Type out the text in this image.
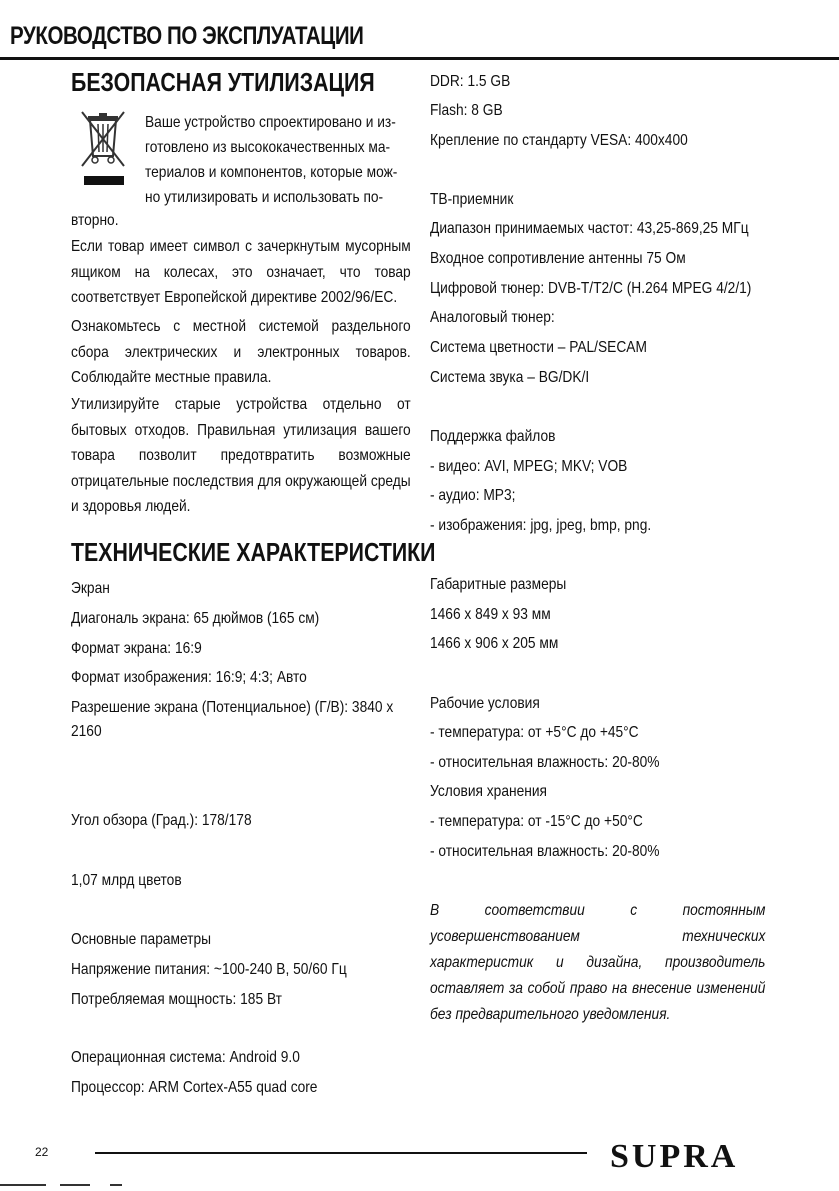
РУКОВОДСТВО ПО ЭКСПЛУАТАЦИИ
БЕЗОПАСНАЯ УТИЛИЗАЦИЯ
Ваше устройство спроектировано и из-
готовлено из высококачественных ма-
териалов и компонентов, которые мож-
но утилизировать и использовать по-
вторно.
Если товар имеет символ с зачеркнутым мусорным ящиком на колесах, это означает, что товар соответствует Европейской директиве 2002/96/ЕС.
Ознакомьтесь с местной системой раздельного сбора электрических и электронных товаров. Соблюдайте местные правила.
Утилизируйте старые устройства отдельно от бытовых отходов. Правильная утилизация вашего товара позволит предотвратить возможные отрицательные последствия для окружающей среды и здоровья людей.
ТЕХНИЧЕСКИЕ ХАРАКТЕРИСТИКИ
Экран
Диагональ экрана: 65 дюймов (165 см)
Формат экрана: 16:9
Формат изображения: 16:9; 4:3; Авто
Разрешение экрана (Потенциальное) (Г/В): 3840 х
2160
Угол обзора (Град.): 178/178
1,07 млрд цветов
Основные параметры
Напряжение питания: ~100-240 В, 50/60 Гц
Потребляемая мощность: 185 Вт
Операционная система: Android 9.0
Процессор: ARM Cortex-A55 quad core
DDR: 1.5 GB
Flash: 8 GB
Крепление по стандарту VESA: 400x400
ТВ-приемник
Диапазон принимаемых частот: 43,25-869,25 МГц
Входное сопротивление антенны 75 Ом
Цифровой тюнер: DVB-T/T2/C (H.264 MPEG 4/2/1)
Аналоговый тюнер:
Система цветности – PAL/SECAM
Система звука – BG/DK/I
Поддержка файлов
- видео: AVI, MPEG; MKV; VOB
- аудио: MP3;
- изображения: jpg, jpeg, bmp, png.
Габаритные размеры
1466 x 849 x 93 мм
1466 x 906 x 205 мм
Рабочие условия
- температура: от +5°С до +45°С
- относительная влажность: 20-80%
Условия хранения
- температура: от -15°С до +50°С
- относительная влажность: 20-80%
В соответствии с постоянным усовершенствованием технических характеристик и дизайна, производитель оставляет за собой право на внесение изменений без предварительного уведомления.
22	SUPRA
